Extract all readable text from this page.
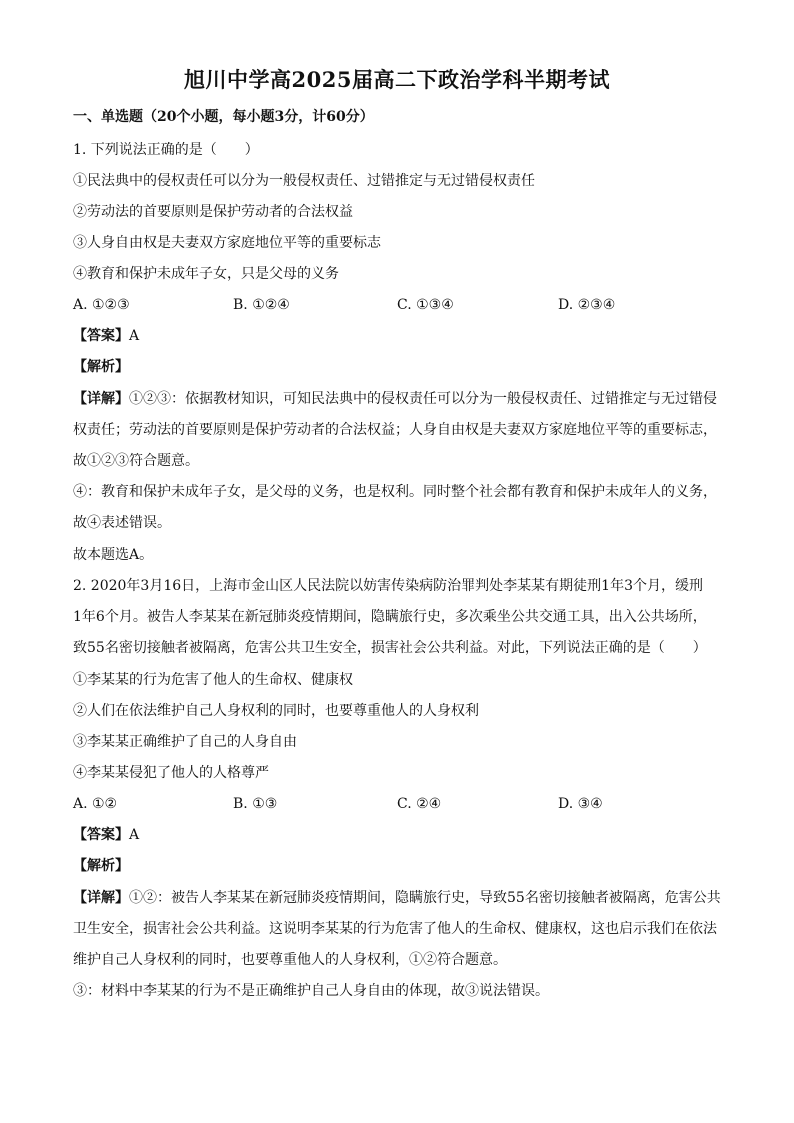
旭川中学高2025届高二下政治学科半期考试
一、单选题（20个小题，每小题3分，计60分）
1. 下列说法正确的是（　　）
①民法典中的侵权责任可以分为一般侵权责任、过错推定与无过错侵权责任
②劳动法的首要原则是保护劳动者的合法权益
③人身自由权是夫妻双方家庭地位平等的重要标志
④教育和保护未成年子女，只是父母的义务
A. ①②③	B. ①②④	C. ①③④	D. ②③④
【答案】A
【解析】
【详解】①②③：依据教材知识，可知民法典中的侵权责任可以分为一般侵权责任、过错推定与无过错侵
权责任；劳动法的首要原则是保护劳动者的合法权益；人身自由权是夫妻双方家庭地位平等的重要标志，
故①②③符合题意。
④：教育和保护未成年子女，是父母的义务，也是权利。同时整个社会都有教育和保护未成年人的义务，
故④表述错误。
故本题选A。
2. 2020年3月16日，上海市金山区人民法院以妨害传染病防治罪判处李某某有期徒刑1年3个月，缓刑
1年6个月。被告人李某某在新冠肺炎疫情期间，隐瞒旅行史，多次乘坐公共交通工具，出入公共场所，
致55名密切接触者被隔离，危害公共卫生安全，损害社会公共利益。对此，下列说法正确的是（　　）
①李某某的行为危害了他人的生命权、健康权
②人们在依法维护自己人身权利的同时，也要尊重他人的人身权利
③李某某正确维护了自己的人身自由
④李某某侵犯了他人的人格尊严
A. ①②	B. ①③	C. ②④	D. ③④
【答案】A
【解析】
【详解】①②：被告人李某某在新冠肺炎疫情期间，隐瞒旅行史，导致55名密切接触者被隔离，危害公共
卫生安全，损害社会公共利益。这说明李某某的行为危害了他人的生命权、健康权，这也启示我们在依法
维护自己人身权利的同时，也要尊重他人的人身权利，①②符合题意。
③：材料中李某某的行为不是正确维护自己人身自由的体现，故③说法错误。
